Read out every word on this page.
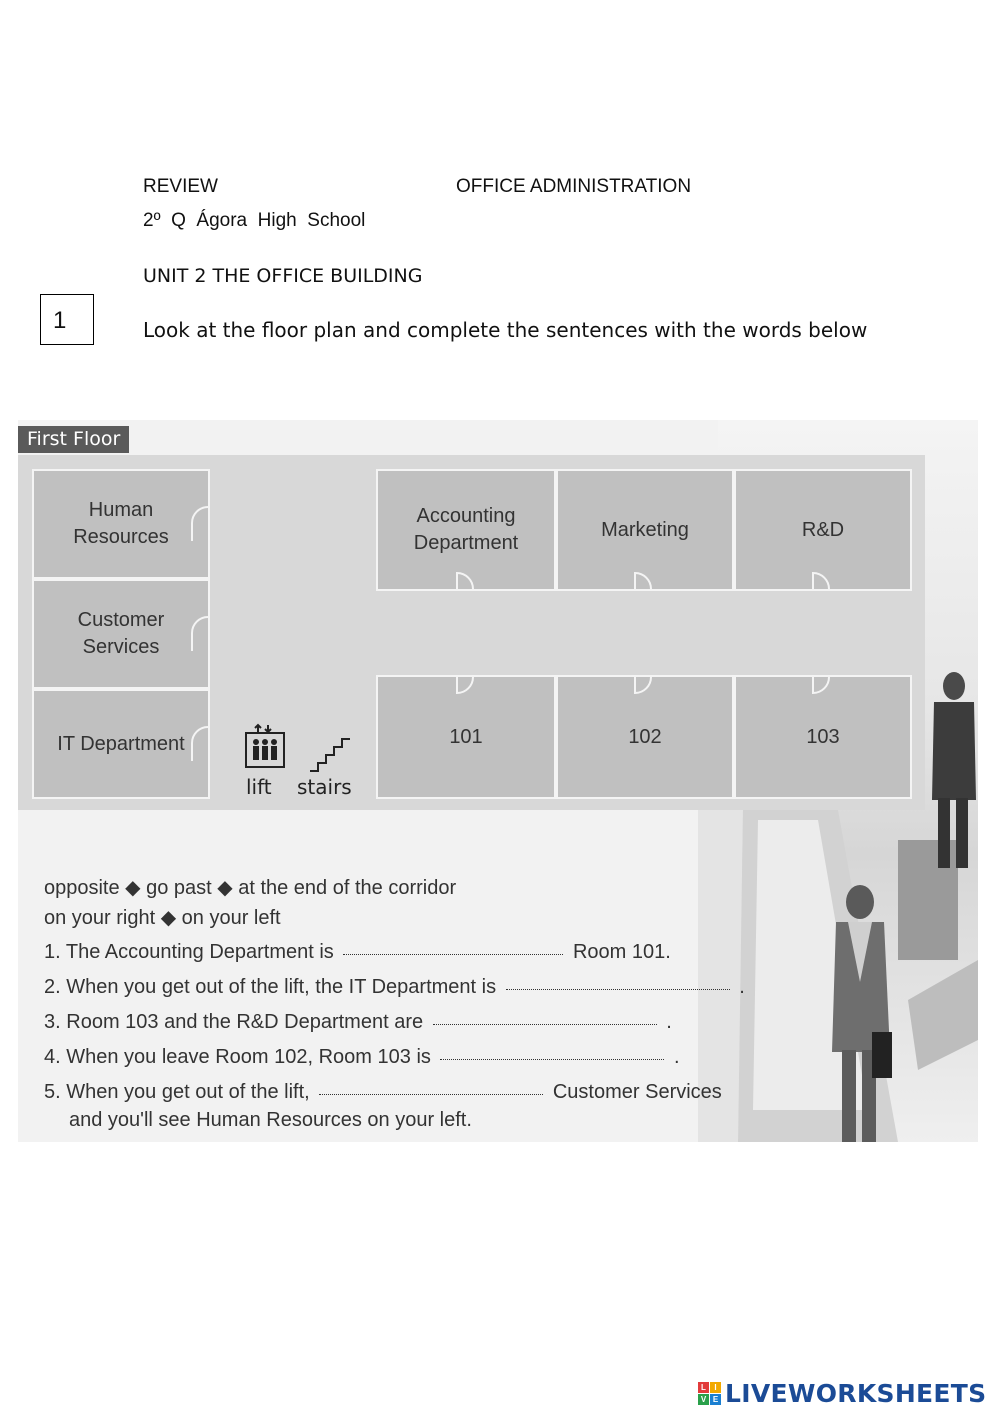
REVIEW	OFFICE ADMINISTRATION
2º  Q  Ágora  High  School
UNIT 2 THE OFFICE BUILDING
1	Look at the floor plan and complete the sentences with the words below
Human
Resources
Customer
Services
IT Department
Accounting
Department
Marketing	R&D
101	102	103
lift stairs
First Floor
opposite ◆ go past ◆ at the end of the corridor
on your right ◆ on your left
1. The Accounting Department is	Room 101.
2. When you get out of the lift, the IT Department is	.
3. Room 103 and the R&D Department are	.
4. When you leave Room 102, Room 103 is	.
5. When you get out of the lift,	Customer Services
and you'll see Human Resources on your left.
L	I
V E LIVEWORKSHEETS
